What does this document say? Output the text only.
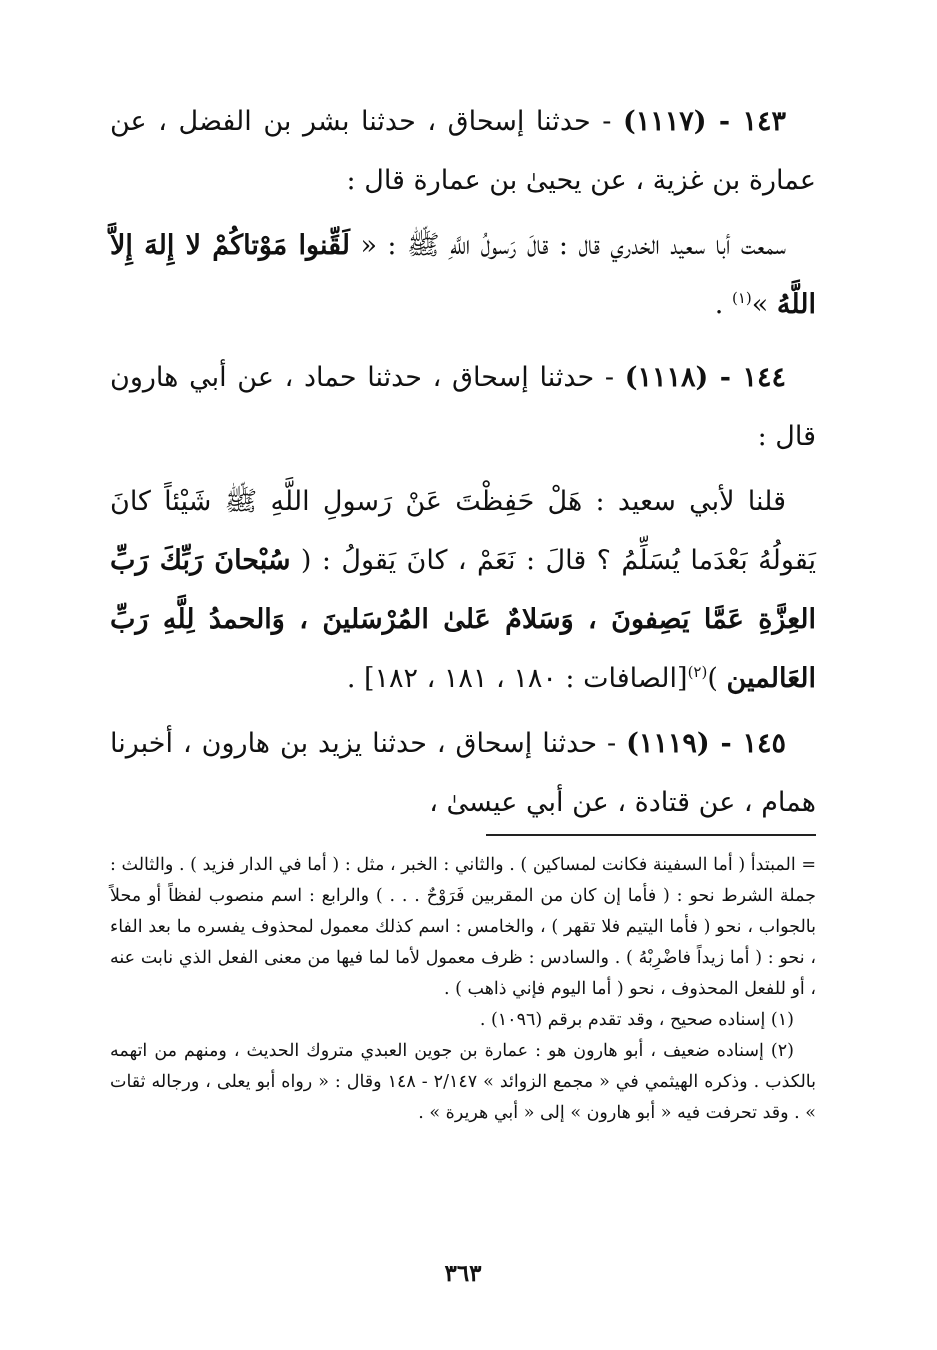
١٤٣ - (١١١٧) - حدثنا إسحاق ، حدثنا بشر بن الفضل ، عن عمارة بن غزية ، عن يحيىٰ بن عمارة قال :

سمعت أبا سعيد الخدري قال : قالَ رَسولُ اللَّهِ ﷺ : « لَقِّنوا مَوْتاكُمْ لا إِلهَ إِلاَّ اللَّهُ »$^{(١)}$ .

١٤٤ - (١١١٨) - حدثنا إسحاق ، حدثنا حماد ، عن أبي هارون قال :

قلنا لأبي سعيد : هَلْ حَفِظْتَ عَنْ رَسولِ اللَّهِ ﷺ شَيْئاً كانَ يَقولُهُ بَعْدَما يُسَلِّمُ ؟ قالَ : نَعَمْ ، كانَ يَقولُ : ( سُبْحانَ رَبِّكَ رَبِّ العِزَّةِ عَمَّا يَصِفونَ ، وَسَلامٌ عَلىٰ المُرْسَلينَ ، وَالحمدُ لِلَّهِ رَبِّ العَالمين )$^{(٢)}$[الصافات : ١٨٠ ، ١٨١ ، ١٨٢] .

١٤٥ - (١١١٩) - حدثنا إسحاق ، حدثنا يزيد بن هارون ، أخبرنا همام ، عن قتادة ، عن أبي عيسىٰ ،

= المبتدأ ( أما السفينة فكانت لمساكين ) . والثاني : الخبر ، مثل : ( أما في الدار فزيد ) . والثالث : جملة الشرط نحو : ( فأما إن كان من المقربين فَرَوْحٌ . . . ) والرابع : اسم منصوب لفظاً أو محلاً بالجواب ، نحو ( فأما اليتيم فلا تقهر ) ، والخامس : اسم كذلك معمول لمحذوف يفسره ما بعد الفاء ، نحو : ( أما زيداً فاضْرِبْهُ ) . والسادس : ظرف معمول لأما لما فيها من معنى الفعل الذي نابت عنه ، أو للفعل المحذوف ، نحو ( أما اليوم فإني ذاهب ) .

(١) إسناده صحيح ، وقد تقدم برقم (١٠٩٦) .

(٢) إسناده ضعيف ، أبو هارون هو : عمارة بن جوين العبدي متروك الحديث ، ومنهم من اتهمه بالكذب . وذكره الهيثمي في « مجمع الزوائد » ٢/١٤٧ - ١٤٨ وقال : « رواه أبو يعلى ، ورجاله ثقات » . وقد تحرفت فيه « أبو هارون » إلى « أبي هريرة » .

٣٦٣
